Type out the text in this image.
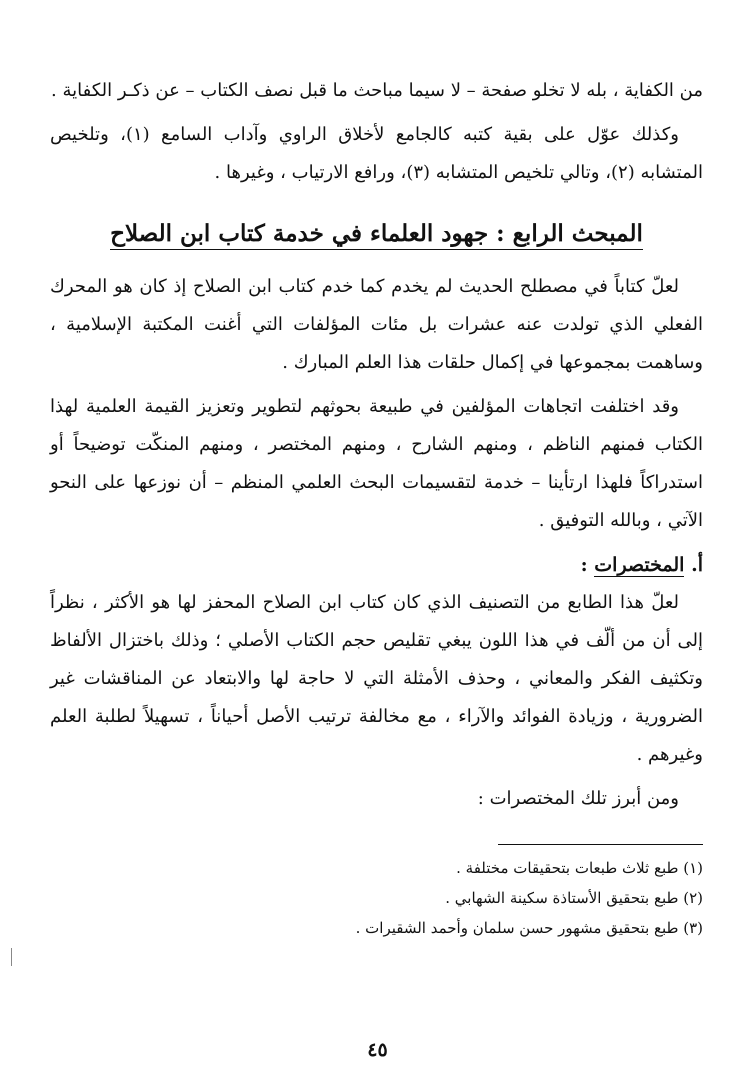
من الكفاية ، بله لا تخلو صفحة – لا سيما مباحث ما قبل نصف الكتاب – عن ذكـر الكفاية .

وكذلك عوّل على بقية كتبه كالجامع لأخلاق الراوي وآداب السامع (١)، وتلخيص المتشابه (٢)، وتالي تلخيص المتشابه (٣)، ورافع الارتياب ، وغيرها .

المبحث الرابع : جهود العلماء في خدمة كتاب ابن الصلاح

لعلّ كتاباً في مصطلح الحديث لم يخدم كما خدم كتاب ابن الصلاح إذ كان هو المحرك الفعلي الذي تولدت عنه عشرات بل مئات المؤلفات التي أغنت المكتبة الإسلامية ، وساهمت بمجموعها في إكمال حلقات هذا العلم المبارك .

وقد اختلفت اتجاهات المؤلفين في طبيعة بحوثهم لتطوير وتعزيز القيمة العلمية لهذا الكتاب فمنهم الناظم ، ومنهم الشارح ، ومنهم المختصر ، ومنهم المنكّت توضيحاً أو استدراكاً فلهذا ارتأينا – خدمة لتقسيمات البحث العلمي المنظم – أن نوزعها على النحو الآتي ، وبالله التوفيق .

أ. المختصرات :

لعلّ هذا الطابع من التصنيف الذي كان كتاب ابن الصلاح المحفز لها هو الأكثر ، نظراً إلى أن من ألّف في هذا اللون يبغي تقليص حجم الكتاب الأصلي ؛ وذلك باختزال الألفاظ وتكثيف الفكر والمعاني ، وحذف الأمثلة التي لا حاجة لها والابتعاد عن المناقشات غير الضرورية ، وزيادة الفوائد والآراء ، مع مخالفة ترتيب الأصل أحياناً ، تسهيلاً لطلبة العلم وغيرهم .

ومن أبرز تلك المختصرات :

(١) طبع ثلاث طبعات بتحقيقات مختلفة .

(٢) طبع بتحقيق الأستاذة سكينة الشهابي .

(٣) طبع بتحقيق مشهور حسن سلمان وأحمد الشقيرات .

٤٥
